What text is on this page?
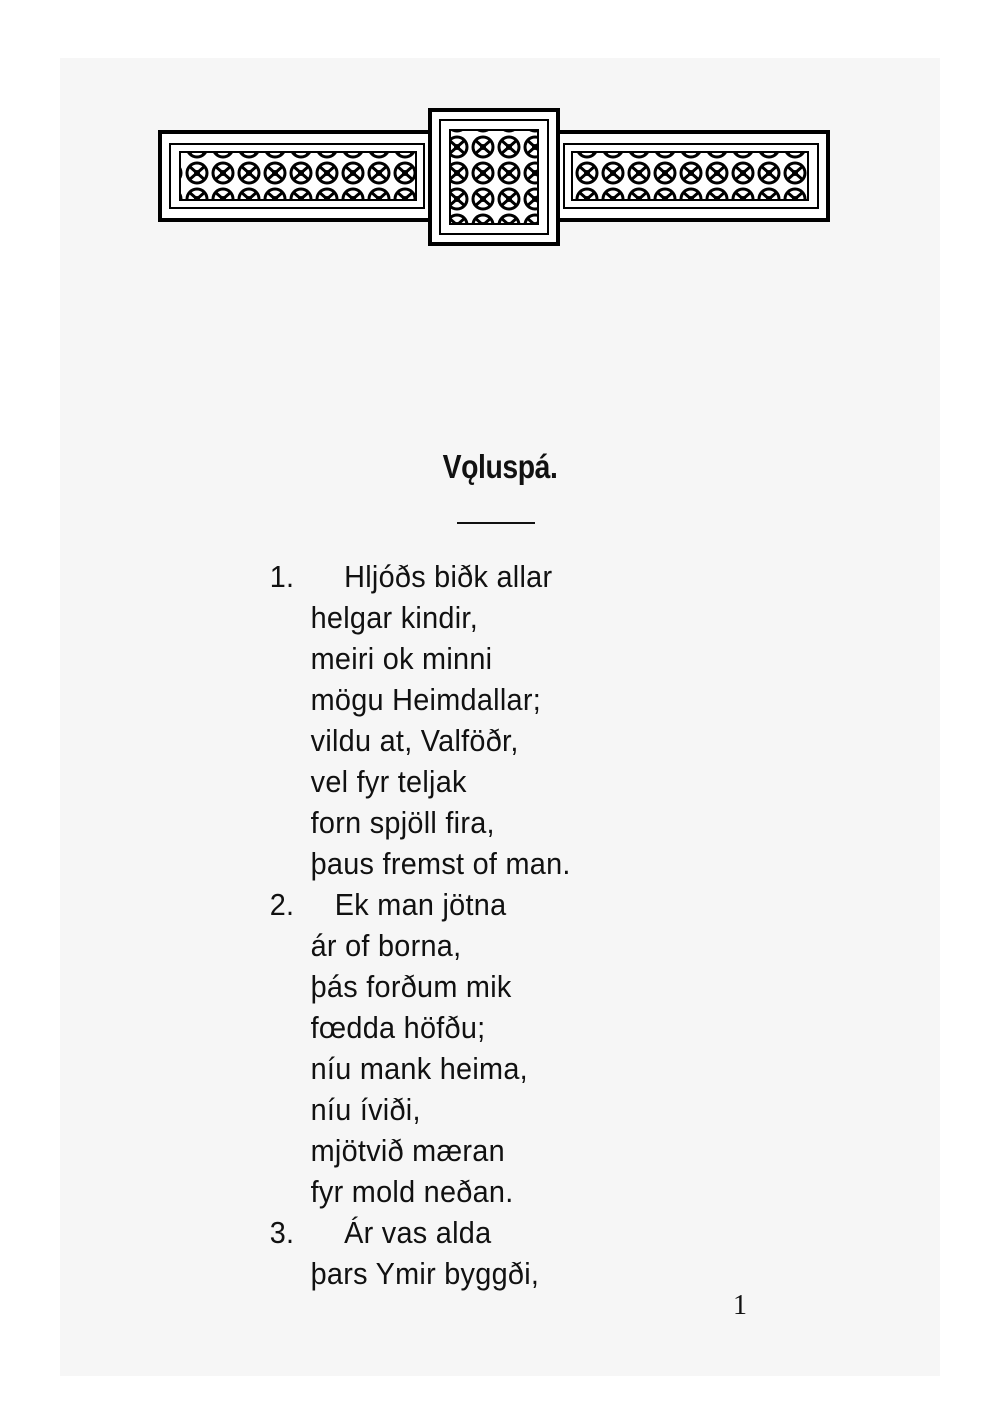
Vǫluspá.
1. Hljóðs biðk allar
helgar kindir,
meiri ok minni
mögu Heimdallar;
vildu at, Valföðr,
vel fyr teljak
forn spjöll fira,
þaus fremst of man.
2. Ek man jötna
ár of borna,
þás forðum mik
fœdda höfðu;
níu mank heima,
níu íviði,
mjötvið mæran
fyr mold neðan.
3. Ár vas alda
þars Ymir byggði,
1
